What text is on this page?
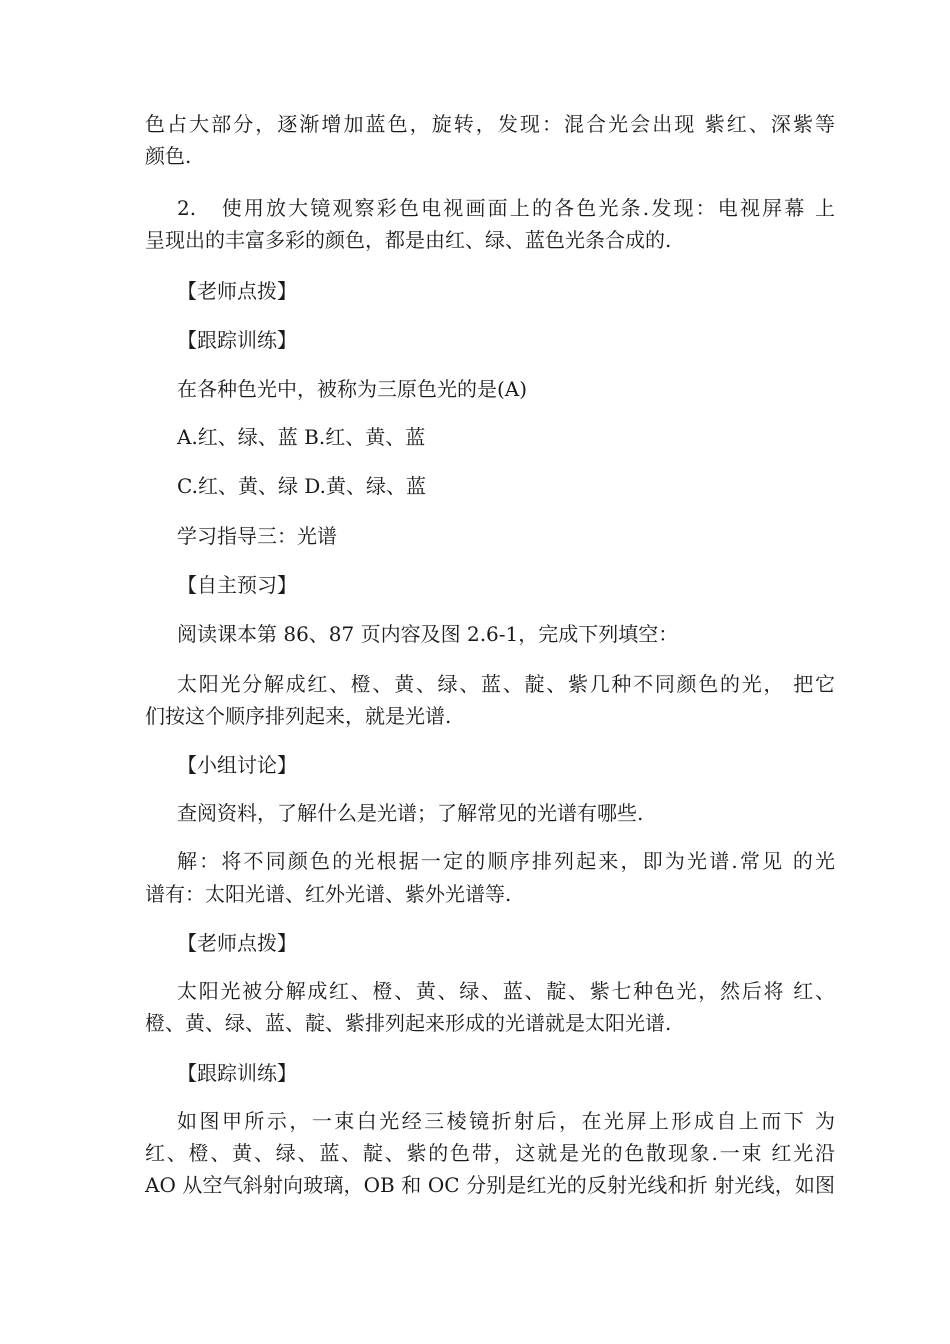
色占大部分，逐渐增加蓝色，旋转，发现：混合光会出现 紫红、深紫等
颜色.
2.   使用放大镜观察彩色电视画面上的各色光条.发现：电视屏幕 上
呈现出的丰富多彩的颜色，都是由红、绿、蓝色光条合成的.
【老师点拨】
【跟踪训练】
在各种色光中，被称为三原色光的是(A)
A.红、绿、蓝 B.红、黄、蓝
C.红、黄、绿 D.黄、绿、蓝
学习指导三：光谱
【自主预习】
阅读课本第 86、87 页内容及图 2.6-1，完成下列填空：
太阳光分解成红、橙、黄、绿、蓝、靛、紫几种不同颜色的光， 把它
们按这个顺序排列起来，就是光谱.
【小组讨论】
查阅资料，了解什么是光谱；了解常见的光谱有哪些.
解：将不同颜色的光根据一定的顺序排列起来，即为光谱.常见 的光
谱有：太阳光谱、红外光谱、紫外光谱等.
【老师点拨】
太阳光被分解成红、橙、黄、绿、蓝、靛、紫七种色光，然后将 红、
橙、黄、绿、蓝、靛、紫排列起来形成的光谱就是太阳光谱.
【跟踪训练】
如图甲所示，一束白光经三棱镜折射后，在光屏上形成自上而下 为
红、橙、黄、绿、蓝、靛、紫的色带，这就是光的色散现象.一束 红光沿
AO 从空气斜射向玻璃，OB 和 OC 分别是红光的反射光线和折 射光线，如图
